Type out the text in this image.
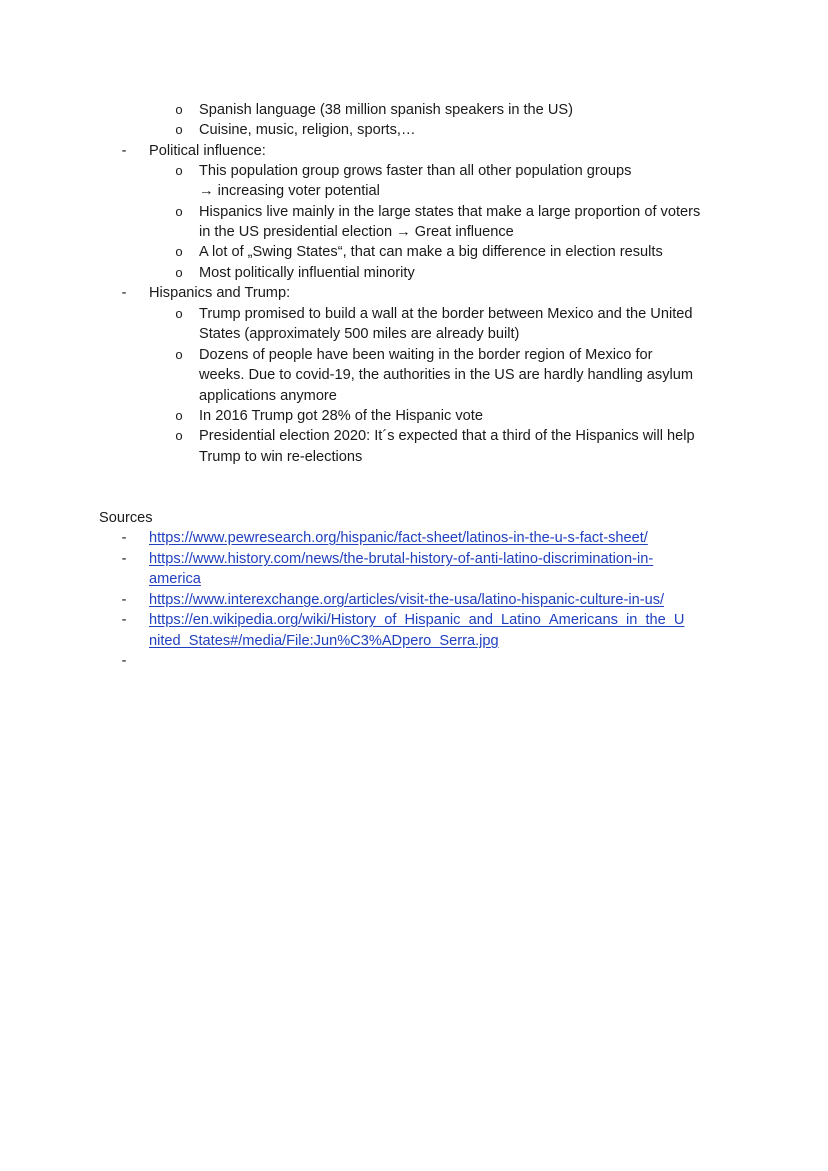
o Spanish language (38 million spanish speakers in the US)
o Cuisine, music, religion, sports,…
- Political influence:
o This population group grows faster than all other population groups
→ increasing voter potential
o Hispanics live mainly in the large states that make a large proportion of voters
in the US presidential election → Great influence
o A lot of „Swing States“, that can make a big difference in election results
o Most politically influential minority
- Hispanics and Trump:
o Trump promised to build a wall at the border between Mexico and the United
States (approximately 500 miles are already built)
o Dozens of people have been waiting in the border region of Mexico for
weeks. Due to covid-19, the authorities in the US are hardly handling asylum
applications anymore
o In 2016 Trump got 28% of the Hispanic vote
o Presidential election 2020: It´s expected that a third of the Hispanics will help
Trump to win re-elections
Sources
- https://www.pewresearch.org/hispanic/fact-sheet/latinos-in-the-u-s-fact-sheet/
- https://www.history.com/news/the-brutal-history-of-anti-latino-discrimination-in-
america
- https://www.interexchange.org/articles/visit-the-usa/latino-hispanic-culture-in-us/
- https://en.wikipedia.org/wiki/History_of_Hispanic_and_Latino_Americans_in_the_U
nited_States#/media/File:Jun%C3%ADpero_Serra.jpg
-
